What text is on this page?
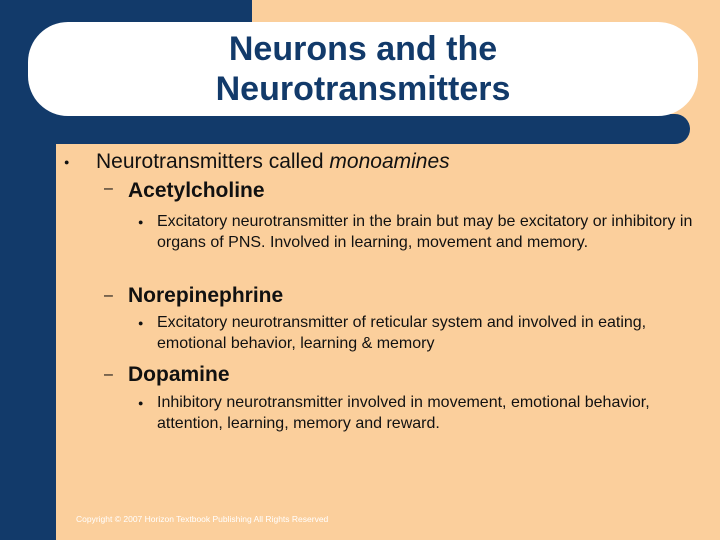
Neurons and the
Neurotransmitters
● Neurotransmitters called monoamines

– Acetylcholine

● Excitatory neurotransmitter in the brain but may be excitatory or inhibitory in organs of PNS. Involved in learning, movement and memory.

– Norepinephrine

● Excitatory neurotransmitter of reticular system and involved in eating, emotional behavior, learning & memory

– Dopamine

● Inhibitory neurotransmitter involved in movement, emotional behavior, attention, learning, memory and reward.

Copyright © 2007 Horizon Textbook Publishing All Rights Reserved
